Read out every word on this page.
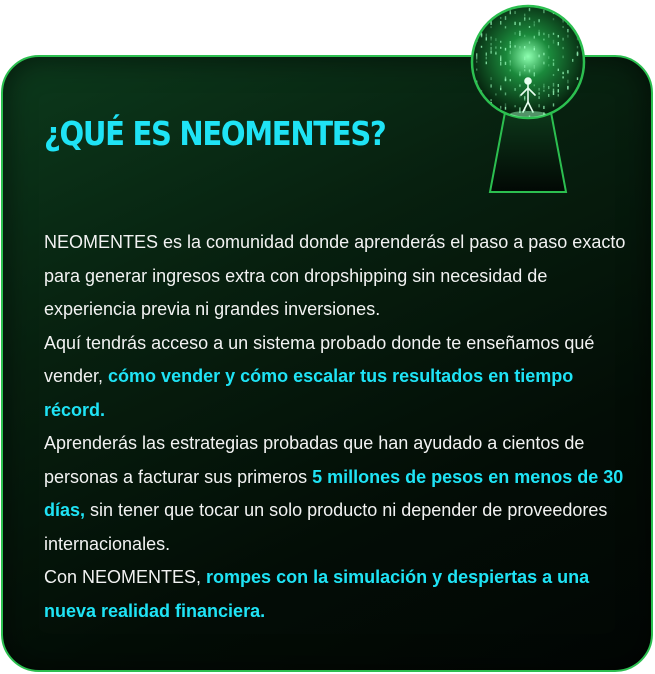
¿QUÉ ES NEOMENTES?
NEOMENTES es la comunidad donde aprenderás el paso a paso exacto para generar ingresos extra con dropshipping sin necesidad de experiencia previa ni grandes inversiones.
Aquí tendrás acceso a un sistema probado donde te enseñamos qué vender, cómo vender y cómo escalar tus resultados en tiempo récord.
Aprenderás las estrategias probadas que han ayudado a cientos de personas a facturar sus primeros 5 millones de pesos en menos de 30 días, sin tener que tocar un solo producto ni depender de proveedores internacionales.
Con NEOMENTES, rompes con la simulación y despiertas a una nueva realidad financiera.
